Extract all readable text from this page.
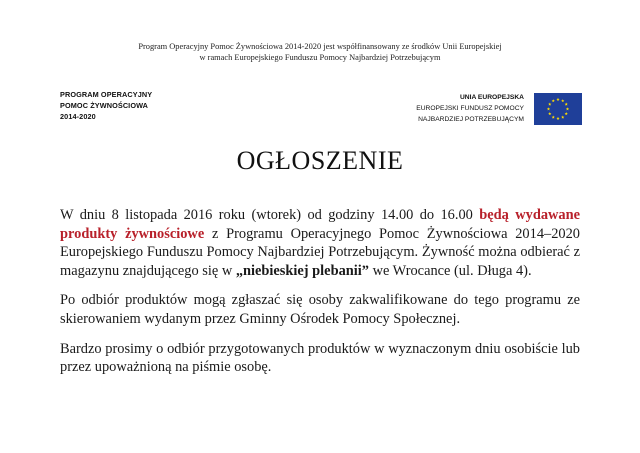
Program Operacyjny Pomoc Żywnościowa 2014-2020 jest współfinansowany ze środków Unii Europejskiej
w ramach Europejskiego Funduszu Pomocy Najbardziej Potrzebującym
PROGRAM OPERACYJNY
POMOC ŻYWNOŚCIOWA
2014-2020
UNIA EUROPEJSKA
EUROPEJSKI FUNDUSZ POMOCY
NAJBARDZIEJ POTRZEBUJĄCYM
OGŁOSZENIE

W dniu 8 listopada 2016 roku (wtorek) od godziny 14.00 do 16.00 będą wydawane produkty żywnościowe z Programu Operacyjnego Pomoc Żywnościowa 2014–2020 Europejskiego Funduszu Pomocy Najbardziej Potrzebującym. Żywność można odbierać z magazynu znajdującego się w „niebieskiej plebanii” we Wrocance (ul. Długa 4).

Po odbiór produktów mogą zgłaszać się osoby zakwalifikowane do tego programu ze skierowaniem wydanym przez Gminny Ośrodek Pomocy Społecznej.

Bardzo prosimy o odbiór przygotowanych produktów w wyznaczonym dniu osobiście lub przez upoważnioną na piśmie osobę.
